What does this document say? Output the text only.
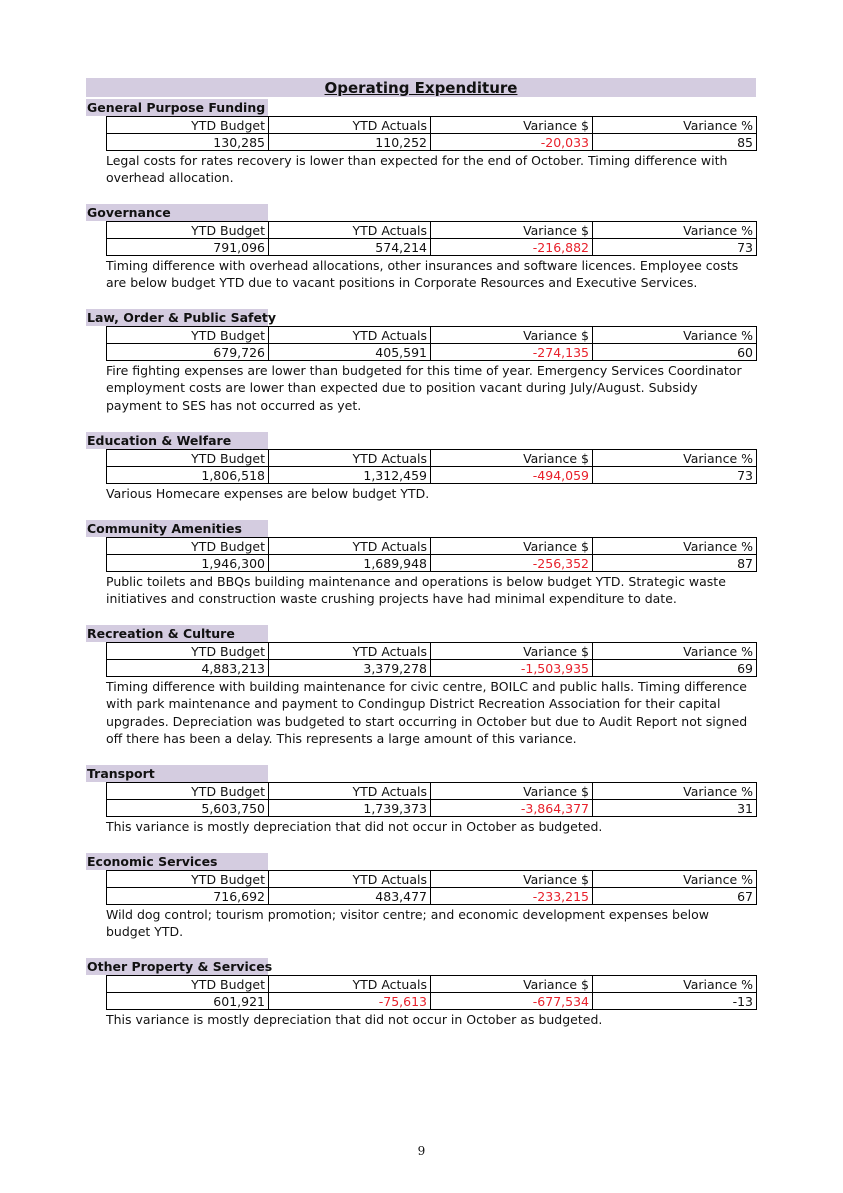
Operating Expenditure
General Purpose Funding
YTD Budget	YTD Actuals	Variance $	Variance %
130,285	110,252	-20,033	85
Legal costs for rates recovery is lower than expected for the end of October. Timing difference with overhead allocation.
Governance
YTD Budget	YTD Actuals	Variance $	Variance %
791,096	574,214	-216,882	73
Timing difference with overhead allocations, other insurances and software licences. Employee costs are below budget YTD due to vacant positions in Corporate Resources and Executive Services.
Law, Order & Public Safety
YTD Budget	YTD Actuals	Variance $	Variance %
679,726	405,591	-274,135	60
Fire fighting expenses are lower than budgeted for this time of year. Emergency Services Coordinator employment costs are lower than expected due to position vacant during July/August. Subsidy payment to SES has not occurred as yet.
Education & Welfare
YTD Budget	YTD Actuals	Variance $	Variance %
1,806,518	1,312,459	-494,059	73
Various Homecare expenses are below budget YTD.
Community Amenities
YTD Budget	YTD Actuals	Variance $	Variance %
1,946,300	1,689,948	-256,352	87
Public toilets and BBQs building maintenance and operations is below budget YTD. Strategic waste initiatives and construction waste crushing projects have had minimal expenditure to date.
Recreation & Culture
YTD Budget	YTD Actuals	Variance $	Variance %
4,883,213	3,379,278	-1,503,935	69
Timing difference with building maintenance for civic centre, BOILC and public halls. Timing difference with park maintenance and payment to Condingup District Recreation Association for their capital upgrades. Depreciation was budgeted to start occurring in October but due to Audit Report not signed off there has been a delay. This represents a large amount of this variance.
Transport
YTD Budget	YTD Actuals	Variance $	Variance %
5,603,750	1,739,373	-3,864,377	31
This variance is mostly depreciation that did not occur in October as budgeted.
Economic Services
YTD Budget	YTD Actuals	Variance $	Variance %
716,692	483,477	-233,215	67
Wild dog control; tourism promotion; visitor centre; and economic development expenses below budget YTD.
Other Property & Services
YTD Budget	YTD Actuals	Variance $	Variance %
601,921	-75,613	-677,534	-13
This variance is mostly depreciation that did not occur in October as budgeted.
9
